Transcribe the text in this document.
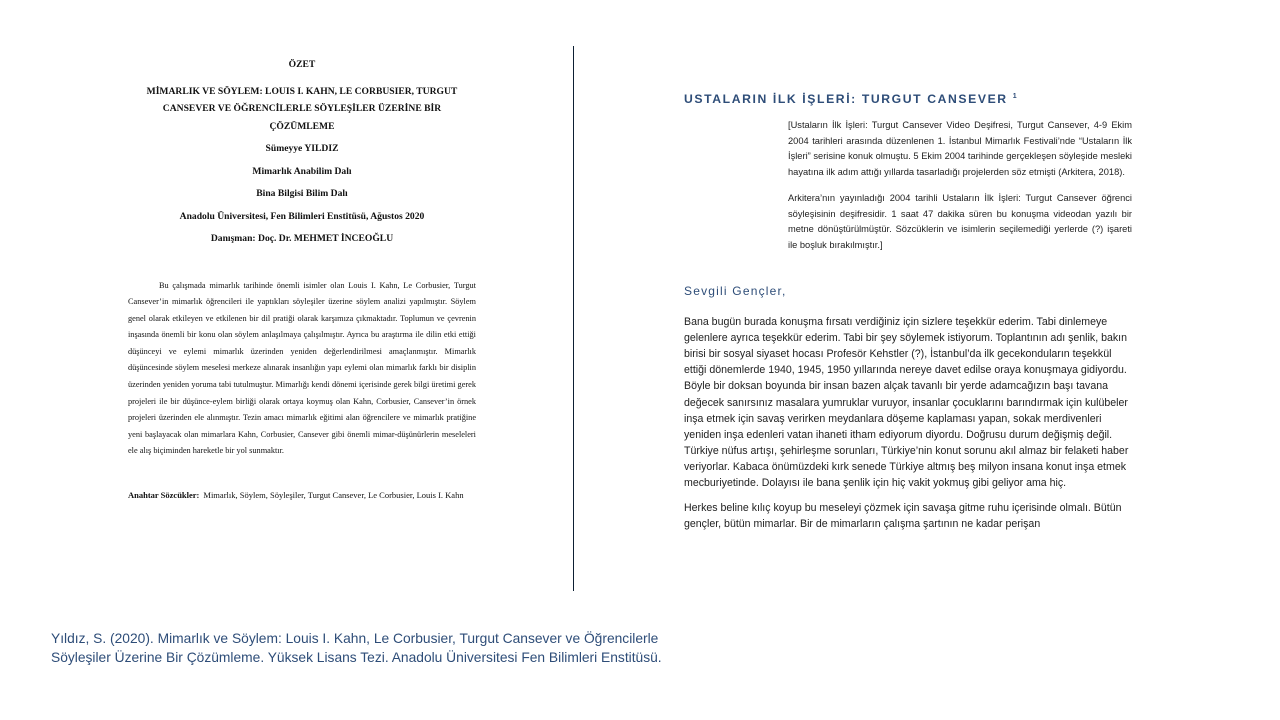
ÖZET

MİMARLIK VE SÖYLEM: LOUIS I. KAHN, LE CORBUSIER, TURGUT

CANSEVER VE ÖĞRENCİLERLE SÖYLEŞİLER ÜZERİNE BİR

ÇÖZÜMLEME

Sümeyye YILDIZ

Mimarlık Anabilim Dalı

Bina Bilgisi Bilim Dalı

Anadolu Üniversitesi, Fen Bilimleri Enstitüsü, Ağustos 2020

Danışman: Doç. Dr. MEHMET İNCEOĞLU

Bu çalışmada mimarlık tarihinde önemli isimler olan Louis I. Kahn, Le Corbusier, Turgut Cansever’in mimarlık öğrencileri ile yaptıkları söyleşiler üzerine söylem analizi yapılmıştır. Söylem genel olarak etkileyen ve etkilenen bir dil pratiği olarak karşımıza çıkmaktadır. Toplumun ve çevrenin inşasında önemli bir konu olan söylem anlaşılmaya çalışılmıştır. Ayrıca bu araştırma ile dilin etki ettiği düşünceyi ve eylemi mimarlık üzerinden yeniden değerlendirilmesi amaçlanmıştır. Mimarlık düşüncesinde söylem meselesi merkeze alınarak insanlığın yapı eylemi olan mimarlık farklı bir disiplin üzerinden yeniden yoruma tabi tutulmuştur. Mimarlığı kendi dönemi içerisinde gerek bilgi üretimi gerek projeleri ile bir düşünce-eylem birliği olarak ortaya koymuş olan Kahn, Corbusier, Cansever’in örnek projeleri üzerinden ele alınmıştır. Tezin amacı mimarlık eğitimi alan öğrencilere ve mimarlık pratiğine yeni başlayacak olan mimarlara Kahn, Corbusier, Cansever gibi önemli mimar-düşünürlerin meseleleri ele alış biçiminden hareketle bir yol sunmaktır.

Anahtar Sözcükler: Mimarlık, Söylem, Söyleşiler, Turgut Cansever, Le Corbusier, Louis I. Kahn
USTALARIN İLK İŞLERİ: TURGUT CANSEVER $^1$

[Ustaların İlk İşleri: Turgut Cansever Video Deşifresi, Turgut Cansever, 4-9 Ekim 2004 tarihleri arasında düzenlenen 1. İstanbul Mimarlık Festivali’nde “Ustaların İlk İşleri” serisine konuk olmuştu. 5 Ekim 2004 tarihinde gerçekleşen söyleşide mesleki hayatına ilk adım attığı yıllarda tasarladığı projelerden söz etmişti (Arkitera, 2018).

Arkitera’nın yayınladığı 2004 tarihli Ustaların İlk İşleri: Turgut Cansever öğrenci söyleşisinin deşifresidir. 1 saat 47 dakika süren bu konuşma videodan yazılı bir metne dönüştürülmüştür. Sözcüklerin ve isimlerin seçilemediği yerlerde (?) işareti ile boşluk bırakılmıştır.]

Sevgili Gençler,

Bana bugün burada konuşma fırsatı verdiğiniz için sizlere teşekkür ederim. Tabi dinlemeye gelenlere ayrıca teşekkür ederim. Tabi bir şey söylemek istiyorum. Toplantının adı şenlik, bakın birisi bir sosyal siyaset hocası Profesör Kehstler (?), İstanbul’da ilk gecekonduların teşekkül ettiği dönemlerde 1940, 1945, 1950 yıllarında nereye davet edilse oraya konuşmaya gidiyordu. Böyle bir doksan boyunda bir insan bazen alçak tavanlı bir yerde adamcağızın başı tavana değecek sanırsınız masalara yumruklar vuruyor, insanlar çocuklarını barındırmak için kulübeler inşa etmek için savaş verirken meydanlara döşeme kaplaması yapan, sokak merdivenleri yeniden inşa edenleri vatan ihaneti itham ediyorum diyordu. Doğrusu durum değişmiş değil. Türkiye nüfus artışı, şehirleşme sorunları, Türkiye’nin konut sorunu akıl almaz bir felaketi haber veriyorlar. Kabaca önümüzdeki kırk senede Türkiye altmış beş milyon insana konut inşa etmek mecburiyetinde. Dolayısı ile bana şenlik için hiç vakit yokmuş gibi geliyor ama hiç.

Herkes beline kılıç koyup bu meseleyi çözmek için savaşa gitme ruhu içerisinde olmalı. Bütün gençler, bütün mimarlar. Bir de mimarların çalışma şartının ne kadar perişan

Yıldız, S. (2020). Mimarlık ve Söylem: Louis I. Kahn, Le Corbusier, Turgut Cansever ve Öğrencilerle Söyleşiler Üzerine Bir Çözümleme. Yüksek Lisans Tezi. Anadolu Üniversitesi Fen Bilimleri Enstitüsü.
